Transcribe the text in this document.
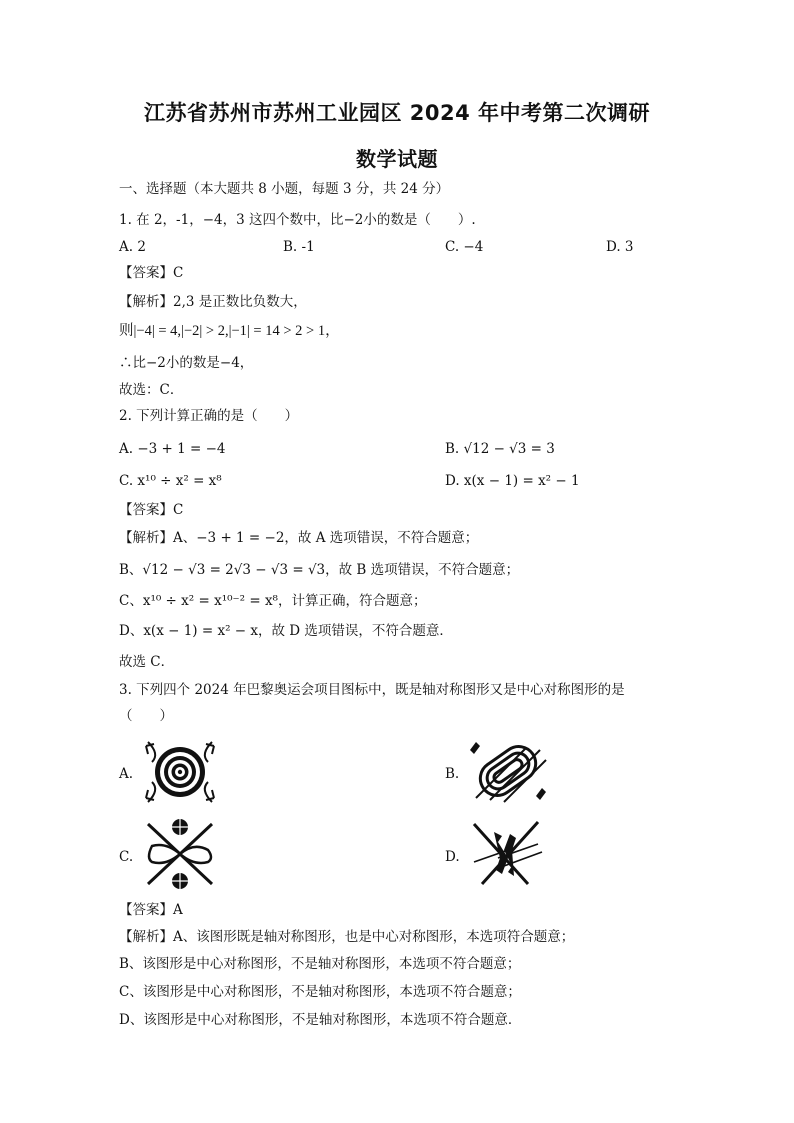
江苏省苏州市苏州工业园区 2024 年中考第二次调研
数学试题
一、选择题（本大题共 8 小题，每题 3 分，共 24 分）
1. 在 2，-1，−4，3 这四个数中，比−2小的数是（　　）.
A. 2	B. -1	C. −4	D. 3
【答案】C
【解析】2,3 是正数比负数大，
则|−4| = 4,|−2| > 2,|−1| = 14 > 2 > 1，
∴比−2小的数是−4，
故选：C．
2. 下列计算正确的是（　　）
A. −3 + 1 = −4	B. √12 − √3 = 3
C. x¹⁰ ÷ x² = x⁸	D. x(x − 1) = x² − 1
【答案】C
【解析】A、−3 + 1 = −2，故 A 选项错误，不符合题意；
B、√12 − √3 = 2√3 − √3 = √3，故 B 选项错误，不符合题意；
C、x¹⁰ ÷ x² = x¹⁰⁻² = x⁸，计算正确，符合题意；
D、x(x − 1) = x² − x，故 D 选项错误，不符合题意．
故选 C．
3. 下列四个 2024 年巴黎奥运会项目图标中，既是轴对称图形又是中心对称图形的是
（　　）
A.	B.
C.	D.
【答案】A
【解析】A、该图形既是轴对称图形，也是中心对称图形，本选项符合题意；
B、该图形是中心对称图形，不是轴对称图形，本选项不符合题意；
C、该图形是中心对称图形，不是轴对称图形，本选项不符合题意；
D、该图形是中心对称图形，不是轴对称图形，本选项不符合题意．
